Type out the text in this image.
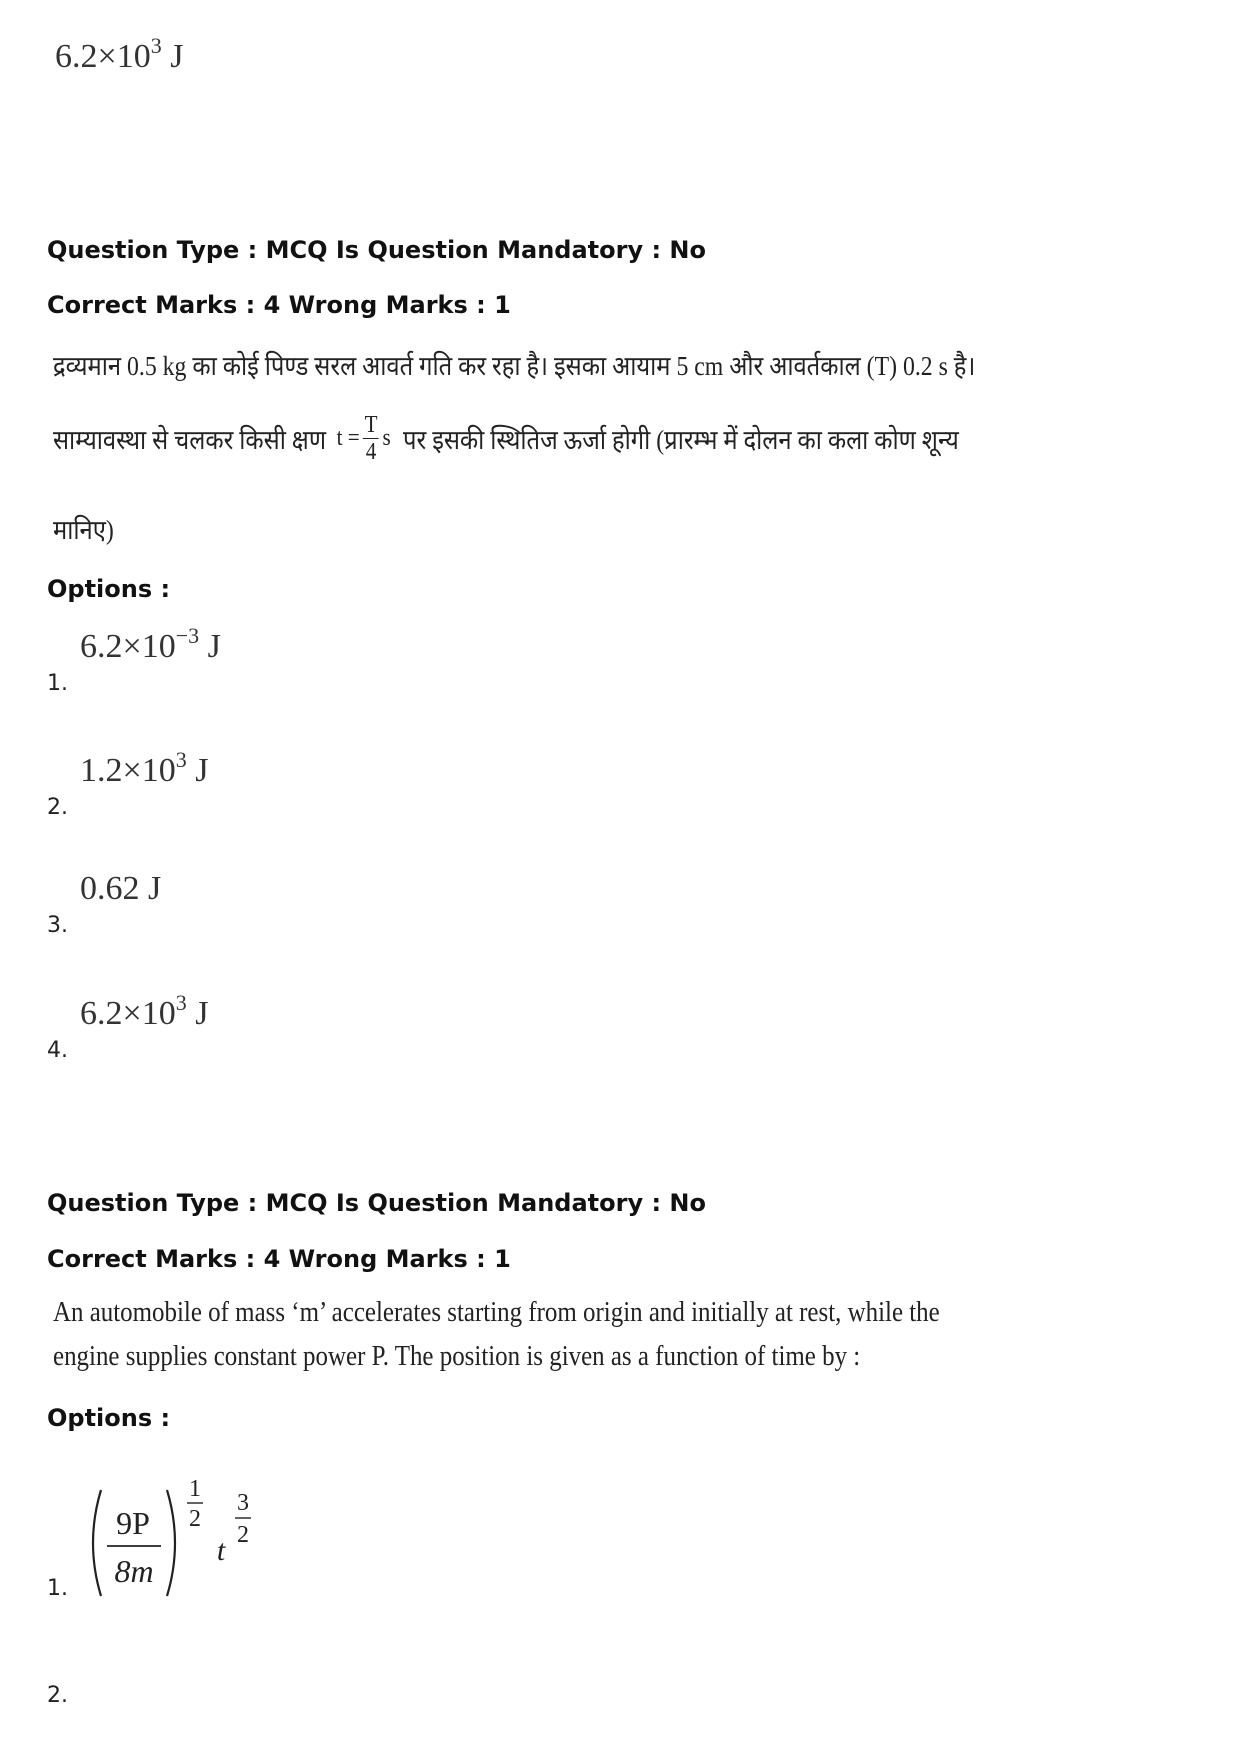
$6.2\times 10^3$ J
Question Type : MCQ Is Question Mandatory : No
Correct Marks : 4 Wrong Marks : 1
द्रव्यमान 0.5 kg का कोई पिण्ड सरल आवर्त गति कर रहा है। इसका आयाम 5 cm और आवर्तकाल (T) 0.2 s है।
साम्यावस्था से चलकर किसी क्षण $t = \frac{T}{4}$ s पर इसकी स्थितिज ऊर्जा होगी (प्रारम्भ में दोलन का कला कोण शून्य
मानिए)
Options :
1.
$6.2\times 10^{-3}$ J
2.
$1.2\times 10^3$ J
3.
0.62 J
4.
$6.2\times 10^3$ J
Question Type : MCQ Is Question Mandatory : No
Correct Marks : 4 Wrong Marks : 1
An automobile of mass ‘m’ accelerates starting from origin and initially at rest, while the
engine supplies constant power P. The position is given as a function of time by :
Options :
1.
9P
8m
1
2
t
3
2
2.
